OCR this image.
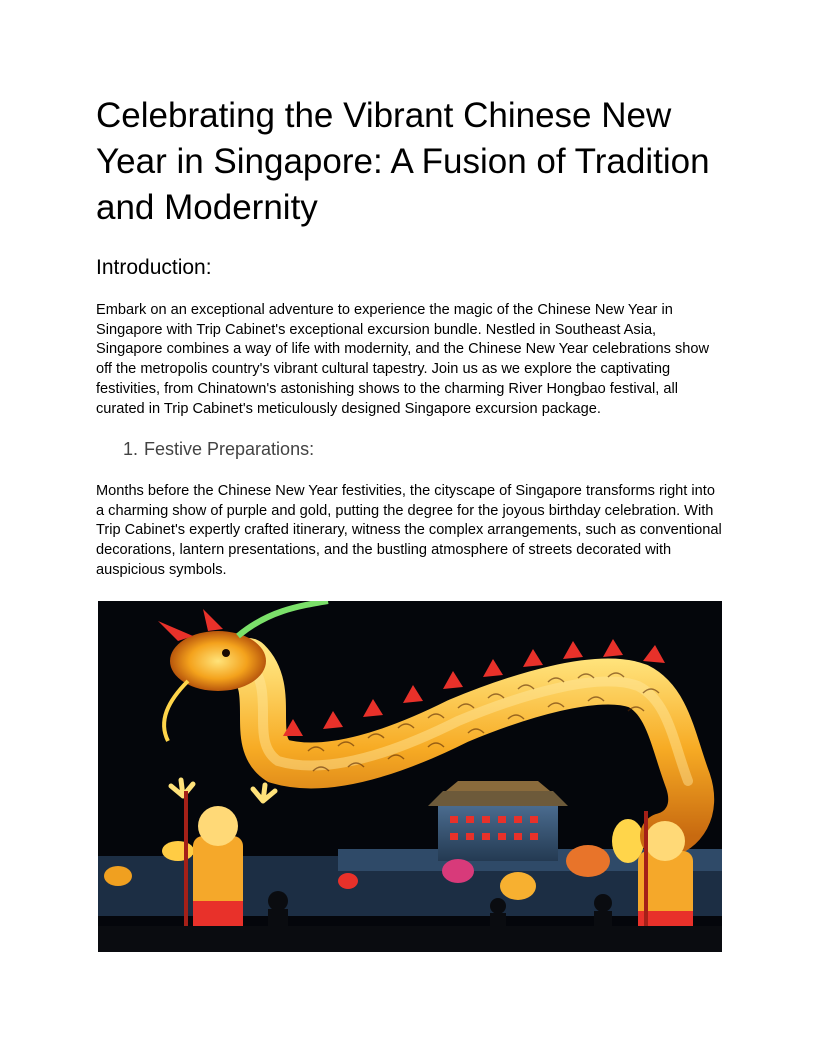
Celebrating the Vibrant Chinese New Year in Singapore: A Fusion of Tradition and Modernity
Introduction:

Embark on an exceptional adventure to experience the magic of the Chinese New Year in Singapore with Trip Cabinet's exceptional excursion bundle. Nestled in Southeast Asia, Singapore combines a way of life with modernity, and the Chinese New Year celebrations show off the metropolis country's vibrant cultural tapestry. Join us as we explore the captivating festivities, from Chinatown's astonishing shows to the charming River Hongbao festival, all curated in Trip Cabinet's meticulously designed Singapore excursion package.

1. Festive Preparations:

Months before the Chinese New Year festivities, the cityscape of Singapore transforms right into a charming show of purple and gold, putting the degree for the joyous birthday celebration. With Trip Cabinet's expertly crafted itinerary, witness the complex arrangements, such as conventional decorations, lantern presentations, and the bustling atmosphere of streets decorated with auspicious symbols.
